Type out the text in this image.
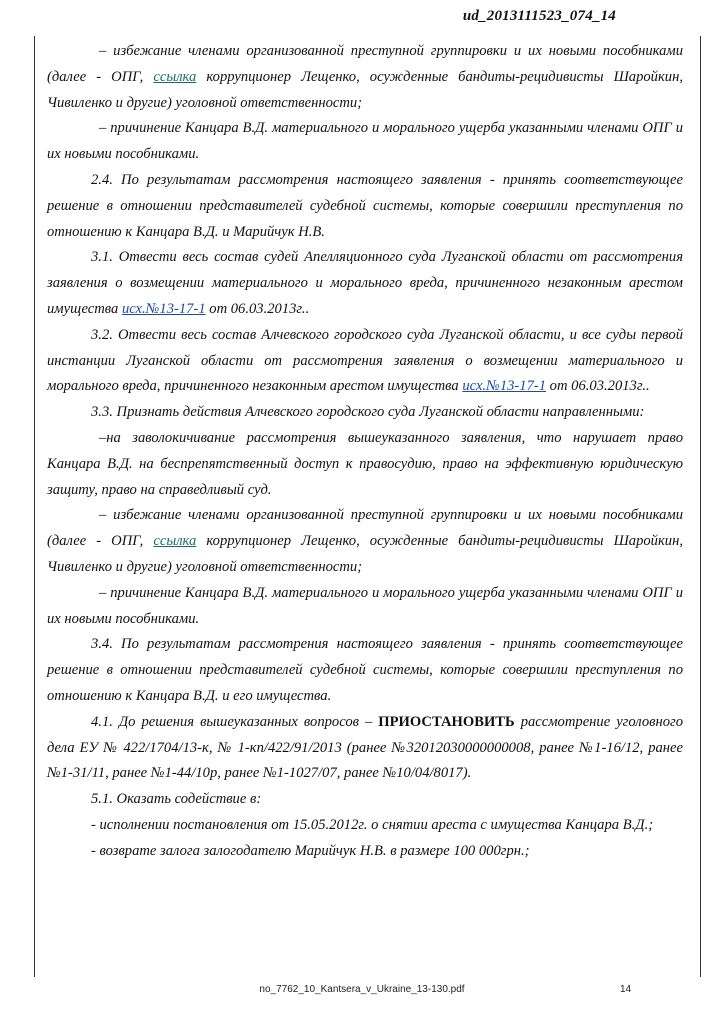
ud_2013111523_074_14

– избежание членами организованной преступной группировки и их новыми пособниками (далее - ОПГ, ссылка коррупционер Лещенко, осужденные бандиты-рецидивисты Шаройкин, Чивиленко и другие) уголовной ответственности;

– причинение Канцара В.Д. материального и морального ущерба указанными членами ОПГ и их новыми пособниками.

2.4. По результатам рассмотрения настоящего заявления - принять соответствующее решение в отношении представителей судебной системы, которые совершили преступления по отношению к Канцара В.Д. и Марийчук Н.В.

3.1. Отвести весь состав судей Апелляционного суда Луганской области от рассмотрения заявления о возмещении материального и морального вреда, причиненного незаконным арестом имущества исх.№13-17-1 от 06.03.2013г..

3.2. Отвести весь состав Алчевского городского суда Луганской области, и все суды первой инстанции Луганской области от рассмотрения заявления о возмещении материального и морального вреда, причиненного незаконным арестом имущества исх.№13-17-1 от 06.03.2013г..

3.3. Признать действия Алчевского городского суда Луганской области направленными:

–на заволокичивание рассмотрения вышеуказанного заявления, что нарушает право Канцара В.Д. на беспрепятственный доступ к правосудию, право на эффективную юридическую защиту, право на справедливый суд.

– избежание членами организованной преступной группировки и их новыми пособниками (далее - ОПГ, ссылка коррупционер Лещенко, осужденные бандиты-рецидивисты Шаройкин, Чивиленко и другие) уголовной ответственности;

– причинение Канцара В.Д. материального и морального ущерба указанными членами ОПГ и их новыми пособниками.

3.4. По результатам рассмотрения настоящего заявления - принять соответствующее решение в отношении представителей судебной системы, которые совершили преступления по отношению к Канцара В.Д. и его имущества.

4.1. До решения вышеуказанных вопросов – ПРИОСТАНОВИТЬ рассмотрение уголовного дела ЕУ № 422/1704/13-к, № 1-кп/422/91/2013 (ранее №32012030000000008, ранее №1-16/12, ранее №1-31/11, ранее №1-44/10р, ранее №1-1027/07, ранее №10/04/8017).

5.1. Оказать содействие в:

- исполнении постановления от 15.05.2012г. о снятии ареста с имущества Канцара В.Д.;

- возврате залога залогодателю Марийчук Н.В. в размере 100 000грн.;

no_7762_10_Kantsera_v_Ukraine_13-130.pdf	14
